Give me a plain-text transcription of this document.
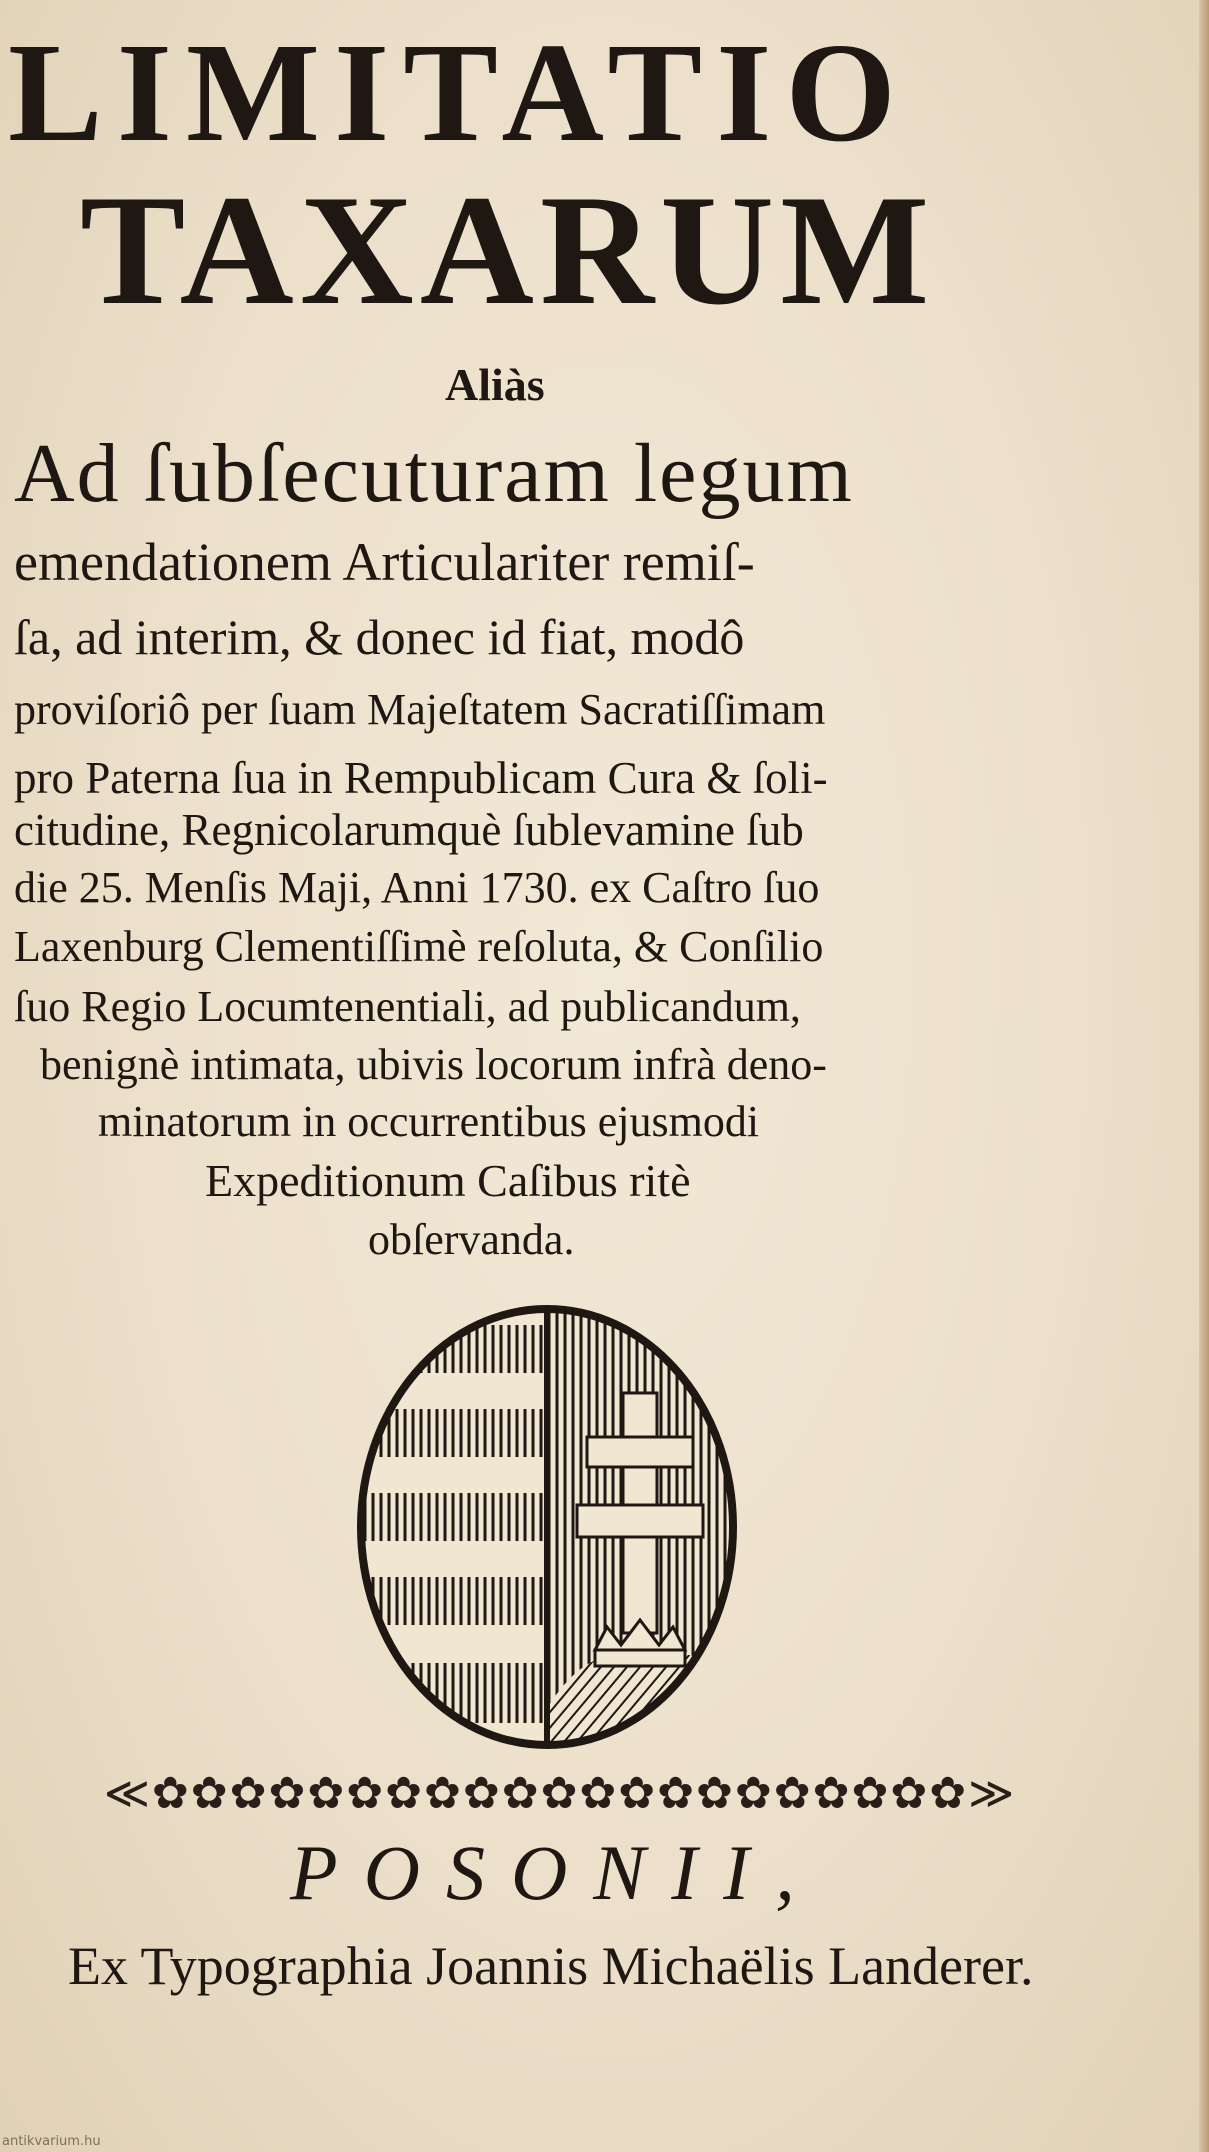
LIMITATIO
TAXARUM
Aliàs
Ad ſubſecuturam legum
emendationem Articulariter remiſ-
ſa, ad interim, & donec id fiat, modô
proviſoriô per ſuam Majeſtatem Sacratiſſimam
pro Paterna ſua in Rempublicam Cura & ſoli-
citudine, Regnicolarumquè ſublevamine ſub
die 25. Menſis Maji, Anni 1730. ex Caſtro ſuo
Laxenburg Clementiſſimè reſoluta, & Conſilio
ſuo Regio Locumtenentiali, ad publicandum,
benignè intimata, ubivis locorum infrà deno-
minatorum in occurrentibus ejusmodi
Expeditionum Caſibus ritè
obſervanda.
≪✿✿✿✿✿✿✿✿✿✿✿✿✿✿✿✿✿✿✿✿✿≫
POSONII,
Ex Typographia Joannis Michaëlis Landerer.
antikvarium.hu
